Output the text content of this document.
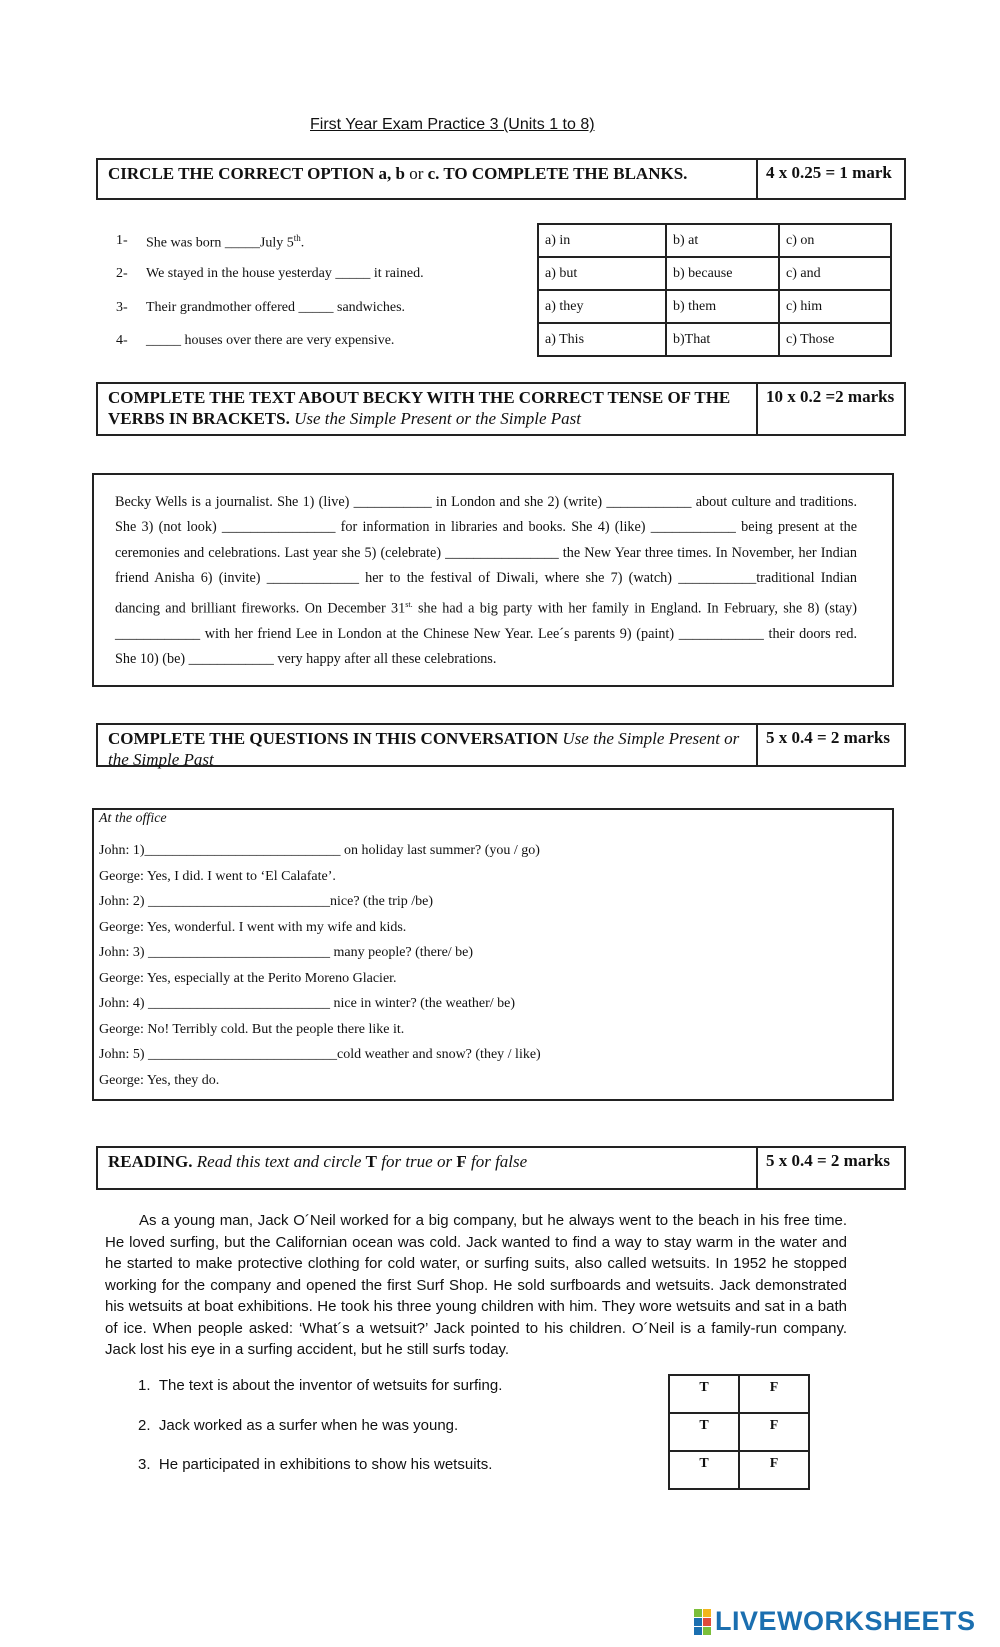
First Year Exam Practice 3 (Units 1 to 8)
CIRCLE THE CORRECT OPTION a, b or c. TO COMPLETE THE BLANKS.	4 x 0.25 = 1 mark
1- She was born _____July 5th.
2- We stayed in the house yesterday _____ it rained.
3- Their grandmother offered _____ sandwiches.
4- _____ houses over there are very expensive.
a) in	b) at	c) on
a) but	b) because	c) and
a) they	b) them	c) him
a) This	b)That	c) Those
COMPLETE THE TEXT ABOUT BECKY WITH THE CORRECT TENSE OF THE VERBS IN BRACKETS. Use the Simple Present or the Simple Past
10 x 0.2 =2 marks
Becky Wells is a journalist. She 1) (live) ___________ in London and she 2) (write) ____________ about culture and traditions. She 3) (not look) ________________ for information in libraries and books. She 4) (like) ____________ being present at the ceremonies and celebrations. Last year she 5) (celebrate) ________________ the New Year three times. In November, her Indian friend Anisha 6) (invite) _____________ her to the festival of Diwali, where she 7) (watch) ___________traditional Indian dancing and brilliant fireworks. On December $31^{st.}$ she had a big party with her family in England. In February, she 8) (stay) ____________ with her friend Lee in London at the Chinese New Year. Lee´s parents 9) (paint) ____________ their doors red. She 10) (be) ____________ very happy after all these celebrations.
COMPLETE THE QUESTIONS IN THIS CONVERSATION Use the Simple Present or the Simple Past
5 x 0.4 = 2 marks
At the office
John: 1)____________________________ on holiday last summer? (you / go)
George: Yes, I did. I went to ‘El Calafate’.
John: 2) __________________________nice? (the trip /be)
George: Yes, wonderful. I went with my wife and kids.
John: 3) __________________________ many people? (there/ be)
George: Yes, especially at the Perito Moreno Glacier.
John: 4) __________________________ nice in winter? (the weather/ be)
George: No! Terribly cold. But the people there like it.
John: 5) ___________________________cold weather and snow? (they / like)
George: Yes, they do.
READING. Read this text and circle T for true or F for false	5 x 0.4 = 2 marks
As a young man, Jack O´Neil worked for a big company, but he always went to the beach in his free time. He loved surfing, but the Californian ocean was cold. Jack wanted to find a way to stay warm in the water and he started to make protective clothing for cold water, or surfing suits, also called wetsuits. In 1952 he stopped working for the company and opened the first Surf Shop. He sold surfboards and wetsuits. Jack demonstrated his wetsuits at boat exhibitions. He took his three young children with him. They wore wetsuits and sat in a bath of ice. When people asked: ‘What´s a wetsuit?’ Jack pointed to his children. O´Neil is a family-run company. Jack lost his eye in a surfing accident, but he still surfs today.
1. The text is about the inventor of wetsuits for surfing.
2. Jack worked as a surfer when he was young.
3. He participated in exhibitions to show his wetsuits.
T	F
T	F
T	F
LIVEWORKSHEETS
